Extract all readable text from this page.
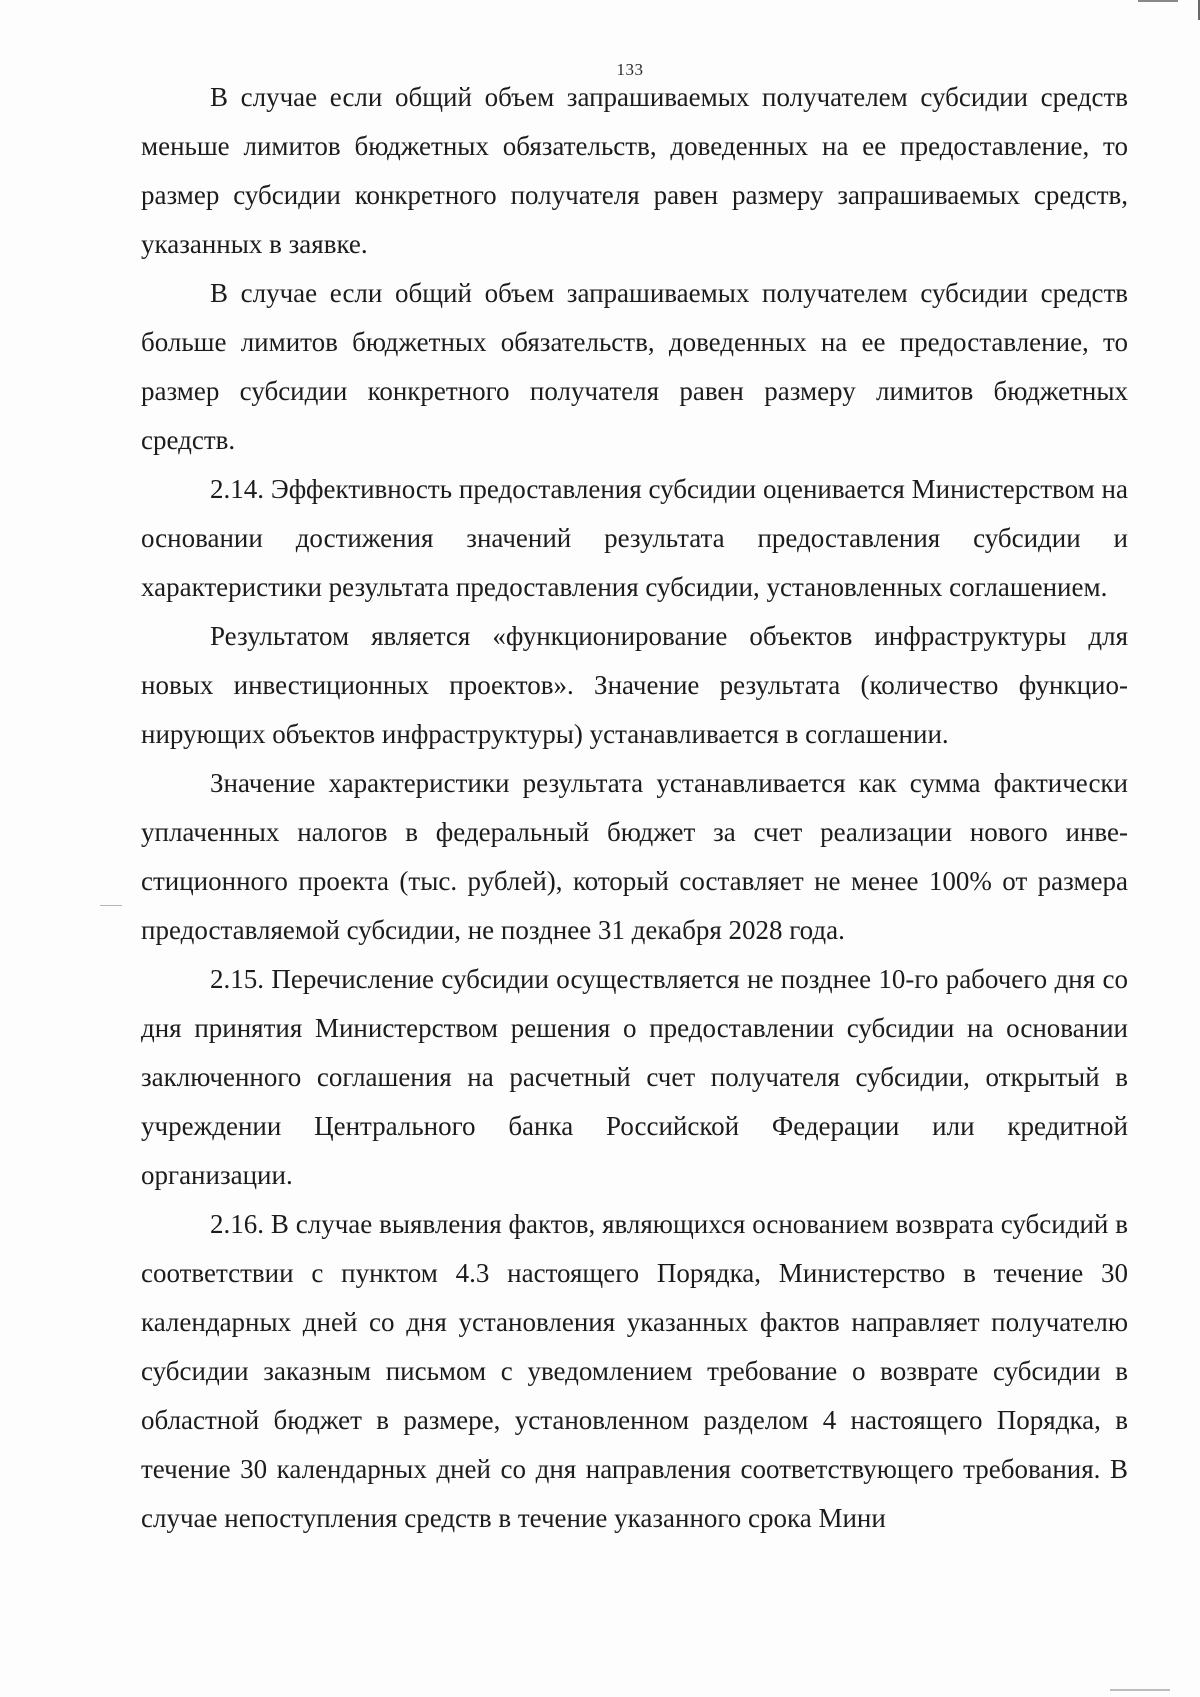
133

В случае если общий объем запрашиваемых получателем субсидии средств меньше лимитов бюджетных обязательств, доведенных на ее предоставление, то размер субсидии конкретного получателя равен размеру запрашиваемых средств, указанных в заявке.

В случае если общий объем запрашиваемых получателем субсидии средств больше лимитов бюджетных обязательств, доведенных на ее предоставление, то размер субсидии конкретного получателя равен размеру лимитов бюджетных средств.

2.14. Эффективность предоставления субсидии оценивается Министерством на основании достижения значений результата предоставления субсидии и характеристики результата предоставления субсидии, установленных соглашением.

Результатом является «функционирование объектов инфраструктуры для новых инвестиционных проектов». Значение результата (количество функционирующих объектов инфраструктуры) устанавливается в соглашении.

Значение характеристики результата устанавливается как сумма фактически уплаченных налогов в федеральный бюджет за счет реализации нового инвестиционного проекта (тыс. рублей), который составляет не менее 100% от размера предоставляемой субсидии, не позднее 31 декабря 2028 года.

2.15. Перечисление субсидии осуществляется не позднее 10-го рабочего дня со дня принятия Министерством решения о предоставлении субсидии на основании заключенного соглашения на расчетный счет получателя субсидии, открытый в учреждении Центрального банка Российской Федерации или кредитной организации.

2.16. В случае выявления фактов, являющихся основанием возврата субсидий в соответствии с пунктом 4.3 настоящего Порядка, Министерство в течение 30 календарных дней со дня установления указанных фактов направляет получателю субсидии заказным письмом с уведомлением требование о возврате субсидии в областной бюджет в размере, установленном разделом 4 настоящего Порядка, в течение 30 календарных дней со дня направления соответствующего требования. В случае непоступления средств в течение указанного срока Мини
